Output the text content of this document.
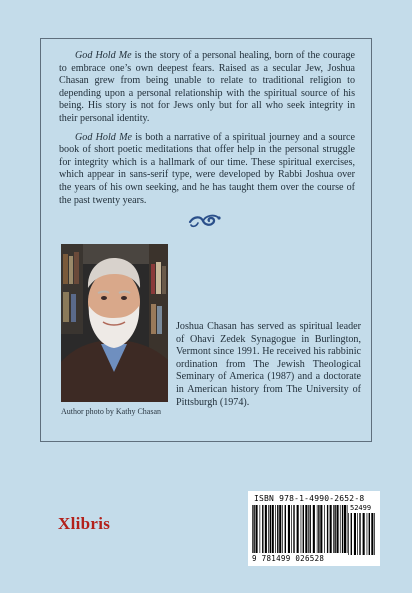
God Hold Me is the story of a personal healing, born of the courage to embrace one’s own deepest fears. Raised as a secular Jew, Joshua Chasan grew from being unable to relate to traditional religion to depending upon a personal relationship with the spiritual source of his being. His story is not for Jews only but for all who seek integrity in their personal identity.

God Hold Me is both a narrative of a spiritual journey and a source book of short poetic meditations that offer help in the personal struggle for integrity which is a hallmark of our time. These spiritual exercises, which appear in sans-serif type, were developed by Rabbi Joshua over the years of his own seeking, and he has taught them over the course of the past twenty years.

Author photo by Kathy Chasan

Joshua Chasan has served as spiritual leader of Ohavi Zedek Synagogue in Burlington, Vermont since 1991. He received his rabbinic ordination from The Jewish Theological Seminary of America (1987) and a doctorate in American history from The University of Pittsburgh (1974).

ISBN 978-1-4990-2652-8
52499
9 781499 026528
Xlibris
